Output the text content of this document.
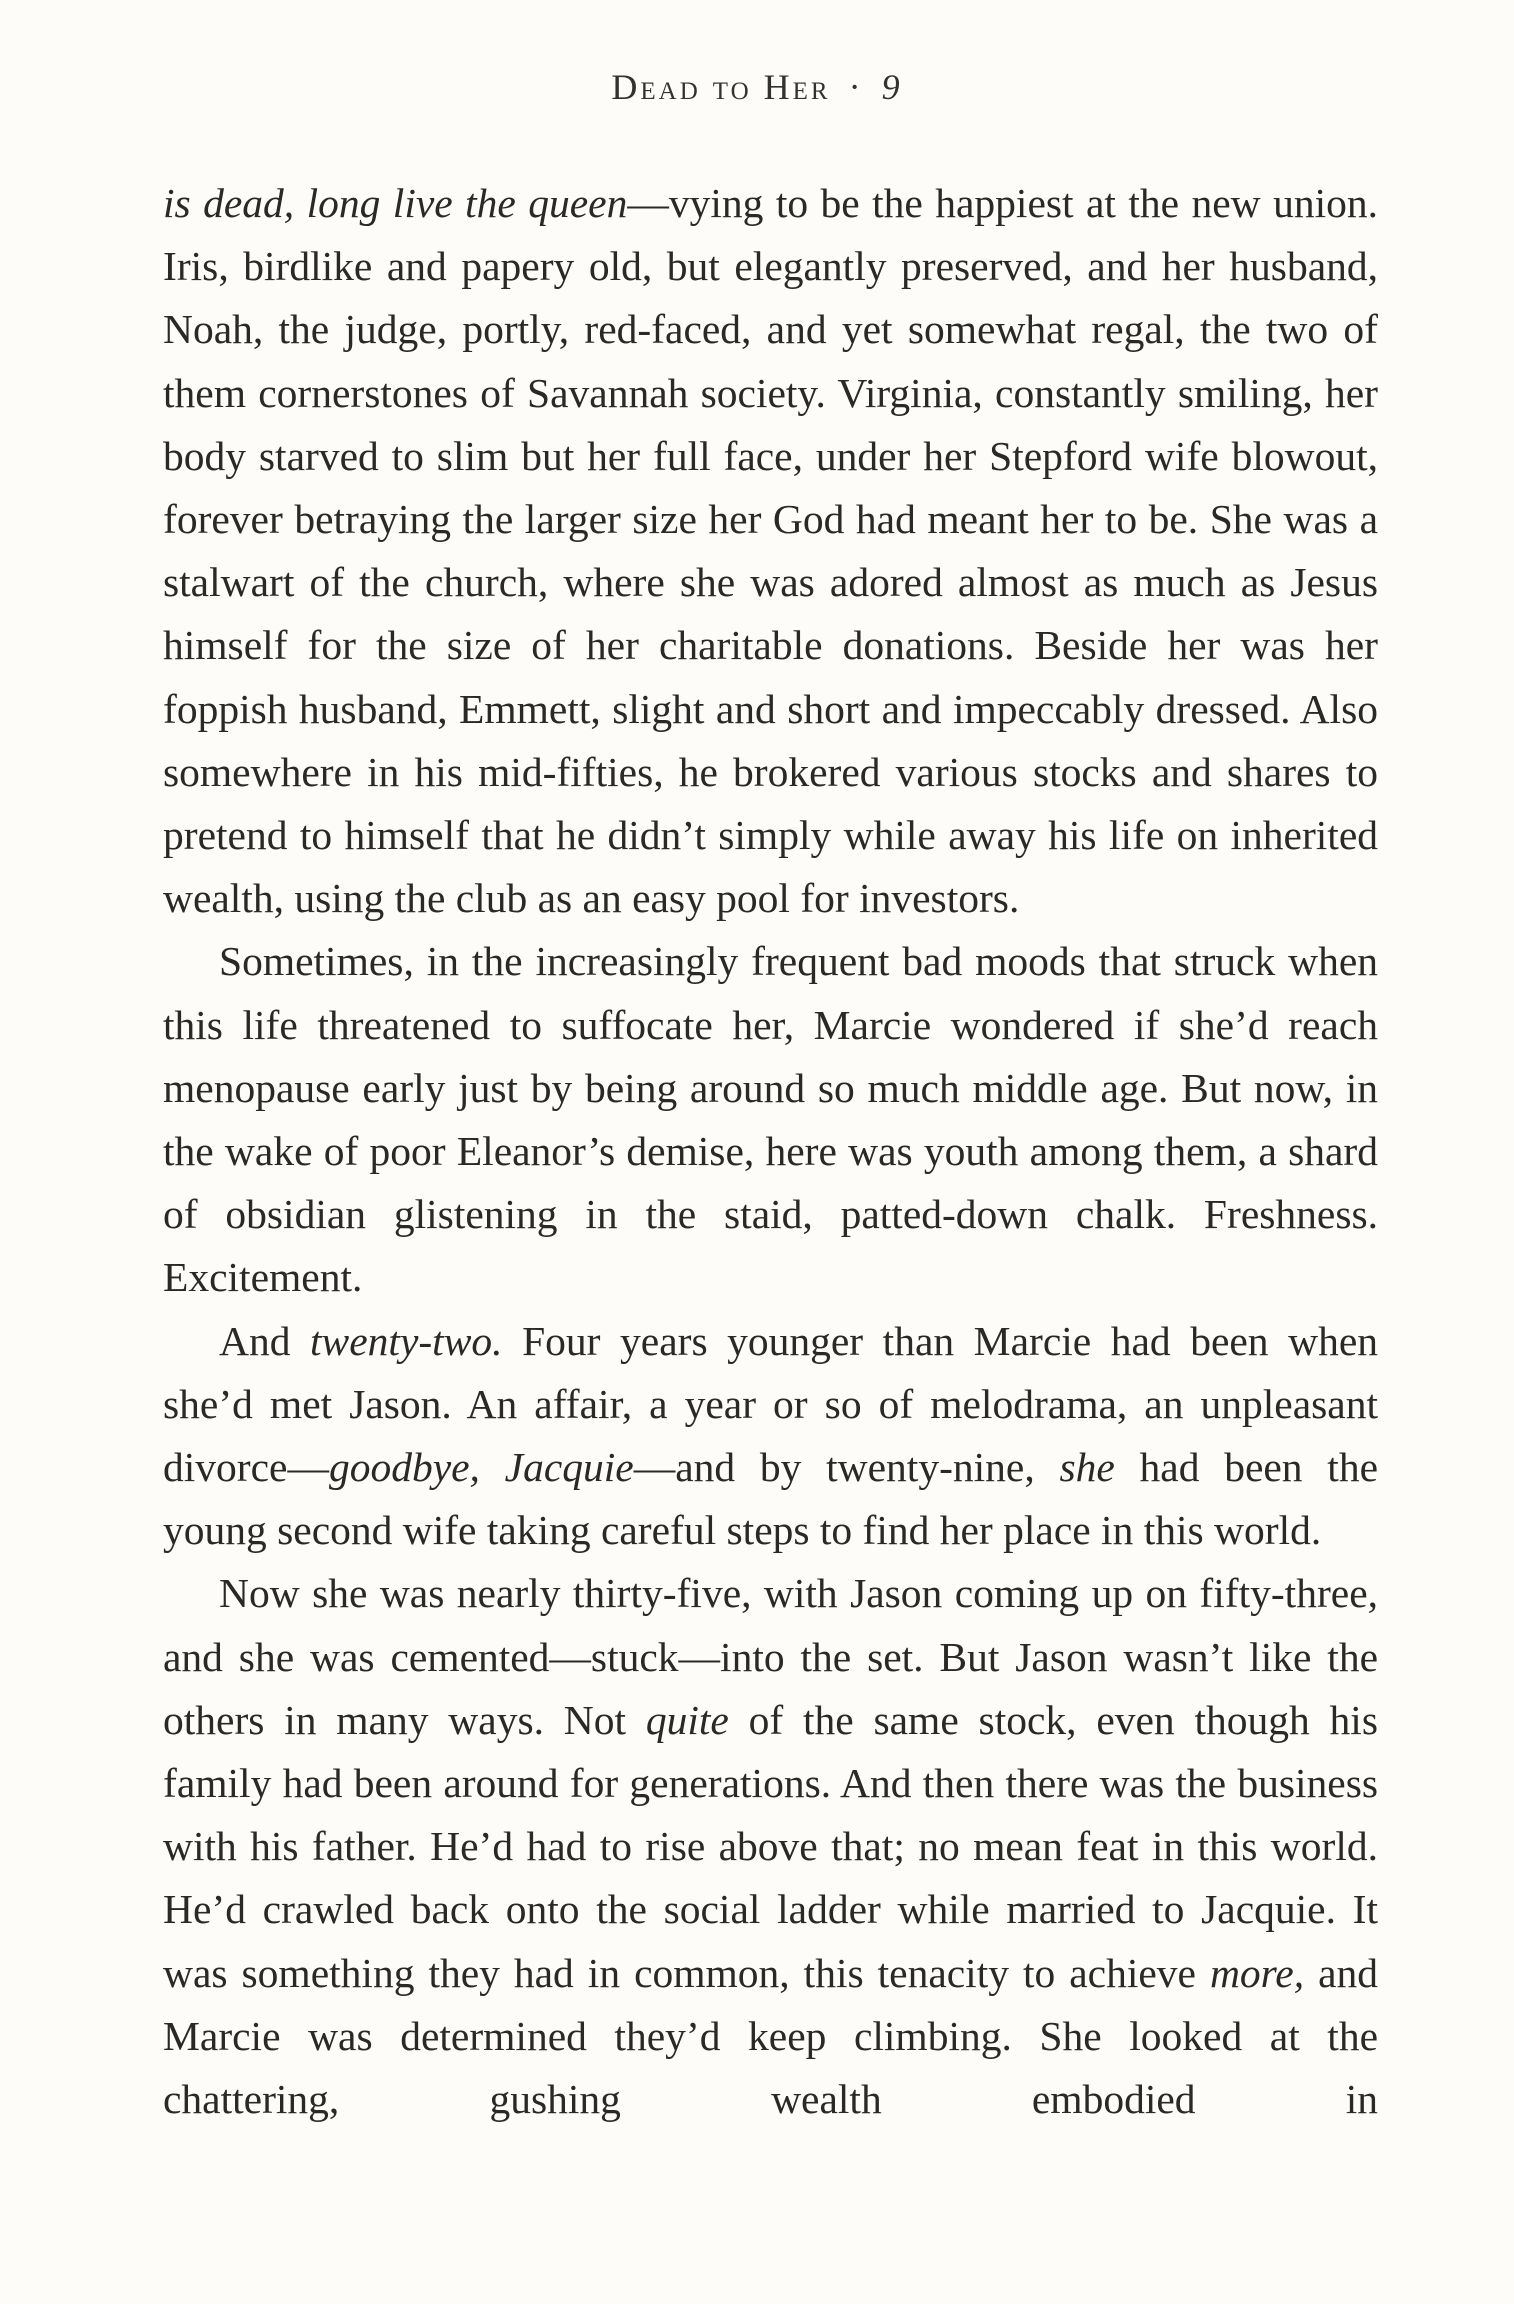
Dead to Her · 9

is dead, long live the queen—vying to be the happiest at the new union. Iris, birdlike and papery old, but elegantly preserved, and her husband, Noah, the judge, portly, red-faced, and yet somewhat regal, the two of them cornerstones of Savannah society. Virginia, constantly smiling, her body starved to slim but her full face, under her Stepford wife blowout, forever betraying the larger size her God had meant her to be. She was a stalwart of the church, where she was adored almost as much as Jesus himself for the size of her charitable donations. Beside her was her foppish husband, Emmett, slight and short and impeccably dressed. Also somewhere in his mid-fifties, he brokered various stocks and shares to pretend to himself that he didn’t simply while away his life on inherited wealth, using the club as an easy pool for investors.

Sometimes, in the increasingly frequent bad moods that struck when this life threatened to suffocate her, Marcie wondered if she’d reach menopause early just by being around so much middle age. But now, in the wake of poor Eleanor’s demise, here was youth among them, a shard of obsidian glistening in the staid, patted-down chalk. Freshness. Excitement.

And twenty-two. Four years younger than Marcie had been when she’d met Jason. An affair, a year or so of melodrama, an unpleasant divorce—goodbye, Jacquie—and by twenty-nine, she had been the young second wife taking careful steps to find her place in this world.

Now she was nearly thirty-five, with Jason coming up on fifty-three, and she was cemented—stuck—into the set. But Jason wasn’t like the others in many ways. Not quite of the same stock, even though his family had been around for generations. And then there was the business with his father. He’d had to rise above that; no mean feat in this world. He’d crawled back onto the social ladder while married to Jacquie. It was something they had in common, this tenacity to achieve more, and Marcie was determined they’d keep climbing. She looked at the chattering, gushing wealth embodied in
